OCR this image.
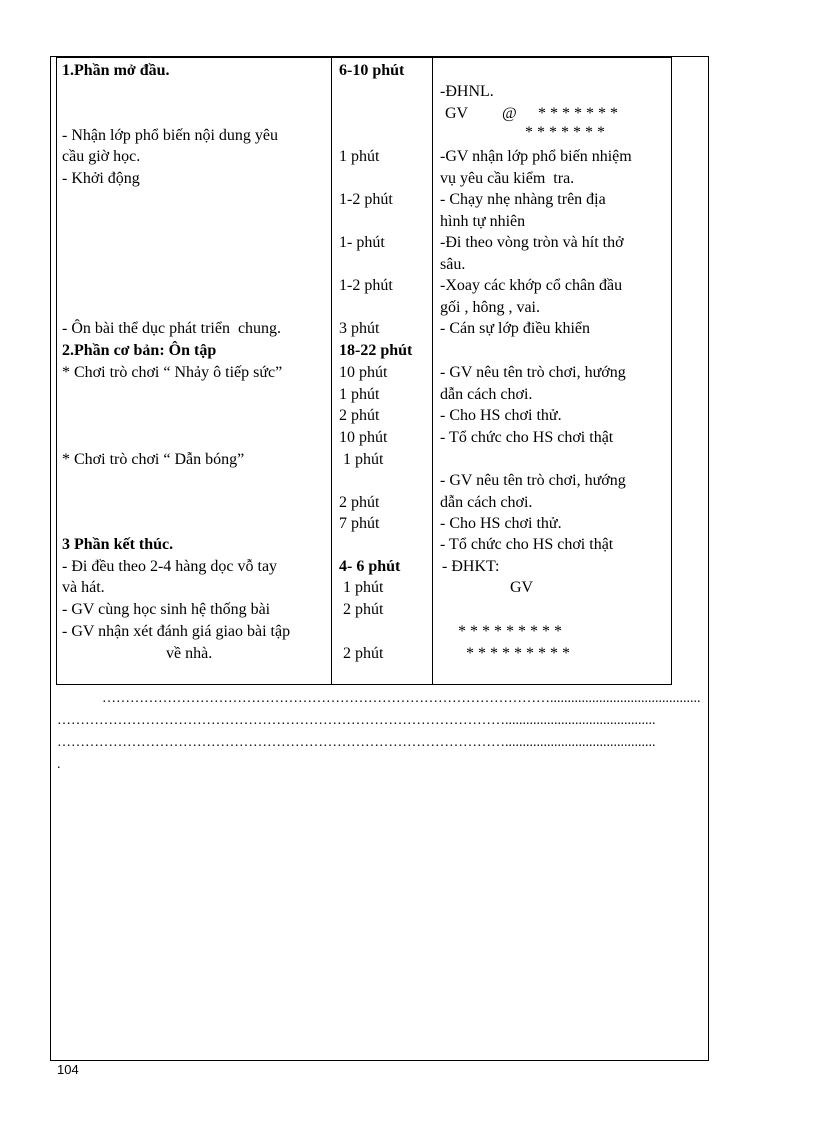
1.Phần mở đầu.
- Nhận lớp phổ biến nội dung yêu
cầu giờ học.
- Khởi động
- Ôn bài thể dục phát triển  chung.
2.Phần cơ bản: Ôn tập
* Chơi trò chơi “ Nhảy ô tiếp sức”
* Chơi trò chơi “ Dẫn bóng”
3 Phần kết thúc.
- Đi đều theo 2-4 hàng dọc vỗ tay
và hát.
- GV cùng học sinh hệ thống bài
- GV nhận xét đánh giá giao bài tập
về nhà.
6-10 phút
1 phút
1-2 phút
1- phút
1-2 phút
3 phút
18-22 phút
10 phút
1 phút
2 phút
10 phút
1 phút
2 phút
7 phút
4- 6 phút
1 phút
2 phút
2 phút
-ĐHNL.
GV @ * * * * * * *
* * * * * * *
-GV nhận lớp phổ biến nhiệm
vụ yêu cầu kiểm  tra.
- Chạy nhẹ nhàng trên địa
hình tự nhiên
-Đi theo vòng tròn và hít thở
sâu.
-Xoay các khớp cổ chân đầu
gối , hông , vai.
- Cán sự lớp điều khiển
- GV nêu tên trò chơi, hướng
dẫn cách chơi.
- Cho HS chơi thử.
- Tổ chức cho HS chơi thật
- GV nêu tên trò chơi, hướng
dẫn cách chơi.
- Cho HS chơi thử.
- Tổ chức cho HS chơi thật
- ĐHKT:
GV
* * * * * * * * *
* * * * * * * * *
……………………………………………………………………………………...........................................
……………………………………………………………………………………...........................................
……………………………………………………………………………………...........................................
.
104
